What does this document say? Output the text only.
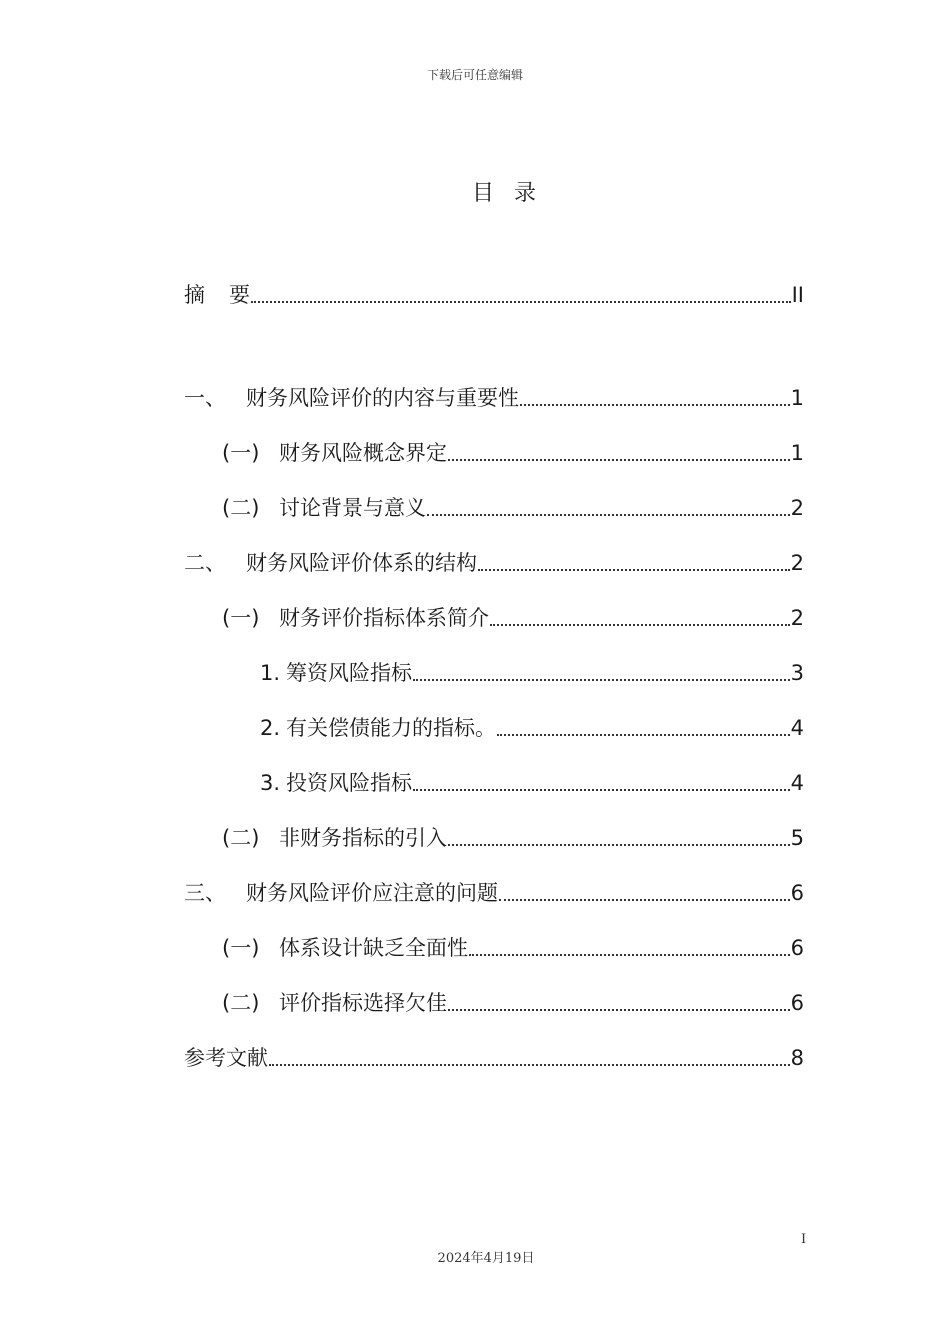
下载后可任意编辑
目 录
摘 要	II
一、 财务风险评价的内容与重要性	1
(一) 财务风险概念界定	1
(二) 讨论背景与意义	2
二、 财务风险评价体系的结构	2
(一) 财务评价指标体系简介	2
1. 筹资风险指标	3
2. 有关偿债能力的指标。	4
3. 投资风险指标	4
(二) 非财务指标的引入	5
三、 财务风险评价应注意的问题	6
(一) 体系设计缺乏全面性	6
(二) 评价指标选择欠佳	6
参考文献	8
I
2024年4月19日
